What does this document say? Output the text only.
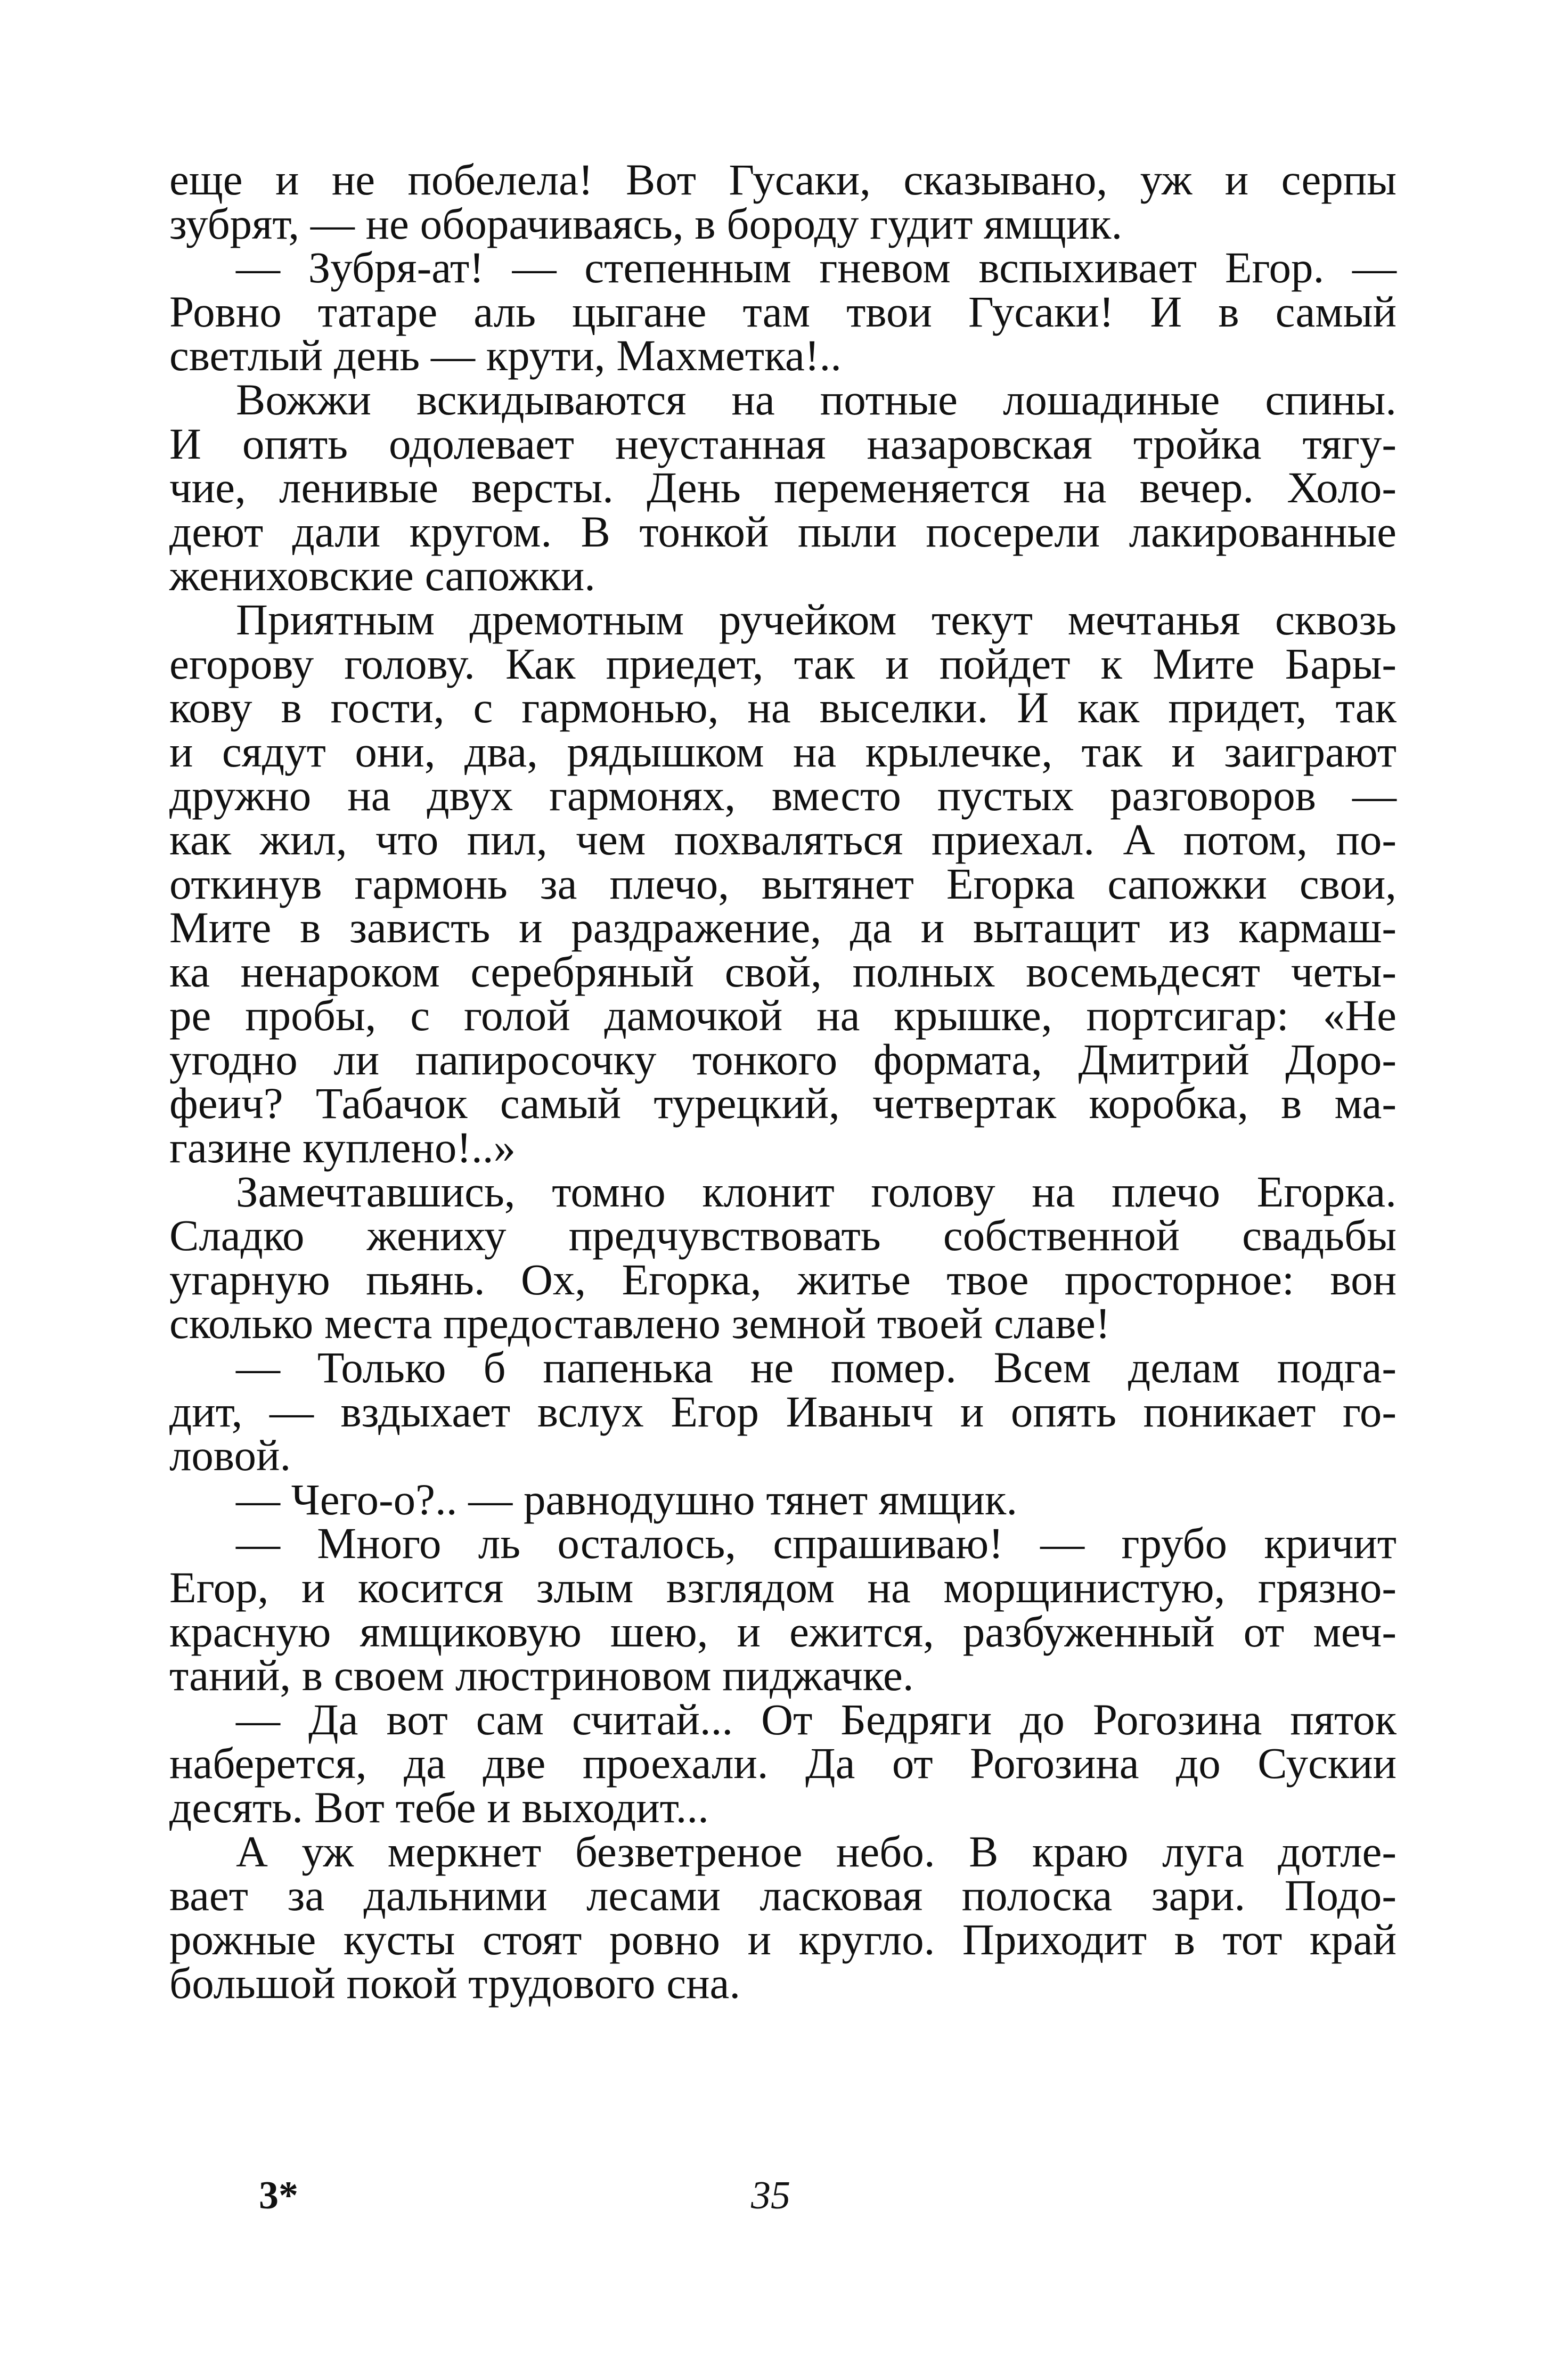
еще и не побелела! Вот Гусаки, сказывано, уж и серпы
зубрят, — не оборачиваясь, в бороду гудит ямщик.
— Зубря-ат! — степенным гневом вспыхивает Егор. —
Ровно татаре аль цыгане там твои Гусаки! И в самый
светлый день — крути, Махметка!..
Вожжи вскидываются на потные лошадиные спины.
И опять одолевает неустанная назаровская тройка тягу-
чие, ленивые версты. День переменяется на вечер. Холо-
деют дали кругом. В тонкой пыли посерели лакированные
жениховские сапожки.
Приятным дремотным ручейком текут мечтанья сквозь
егорову голову. Как приедет, так и пойдет к Мите Бары-
кову в гости, с гармонью, на выселки. И как придет, так
и сядут они, два, рядышком на крылечке, так и заиграют
дружно на двух гармонях, вместо пустых разговоров —
как жил, что пил, чем похваляться приехал. А потом, по-
откинув гармонь за плечо, вытянет Егорка сапожки свои,
Мите в зависть и раздражение, да и вытащит из кармаш-
ка ненароком серебряный свой, полных восемьдесят четы-
ре пробы, с голой дамочкой на крышке, портсигар: «Не
угодно ли папиросочку тонкого формата, Дмитрий Доро-
феич? Табачок самый турецкий, четвертак коробка, в ма-
газине куплено!..»
Замечтавшись, томно клонит голову на плечо Егорка.
Сладко жениху предчувствовать собственной свадьбы
угарную пьянь. Ох, Егорка, житье твое просторное: вон
сколько места предоставлено земной твоей славе!
— Только б папенька не помер. Всем делам подга-
дит, — вздыхает вслух Егор Иваныч и опять поникает го-
ловой.
— Чего-о?.. — равнодушно тянет ямщик.
— Много ль осталось, спрашиваю! — грубо кричит
Егор, и косится злым взглядом на морщинистую, грязно-
красную ямщиковую шею, и ежится, разбуженный от меч-
таний, в своем люстриновом пиджачке.
— Да вот сам считай... От Бедряги до Рогозина пяток
наберется, да две проехали. Да от Рогозина до Сускии
десять. Вот тебе и выходит...
А уж меркнет безветреное небо. В краю луга дотле-
вает за дальними лесами ласковая полоска зари. Подо-
рожные кусты стоят ровно и кругло. Приходит в тот край
большой покой трудового сна.
3*	35
